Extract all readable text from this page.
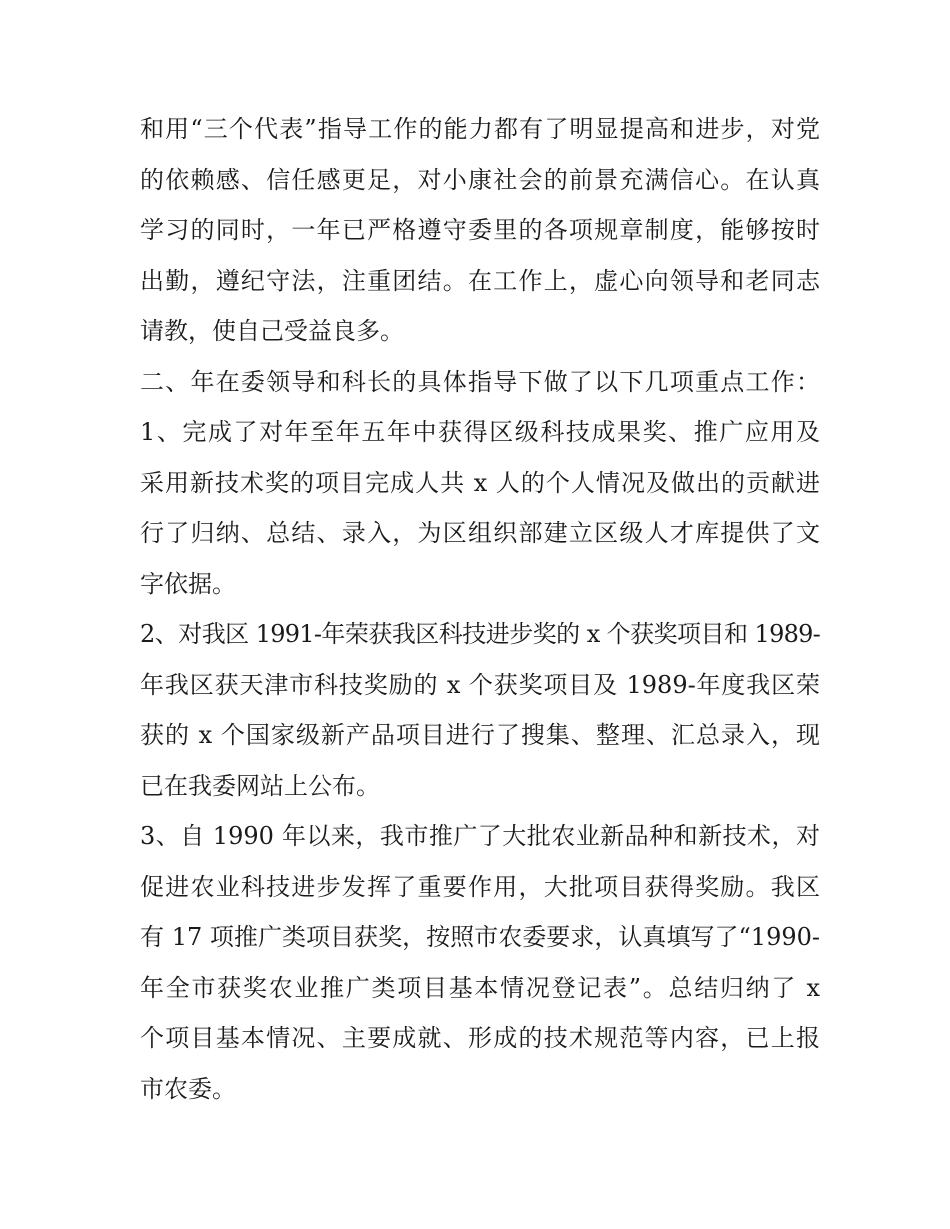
和用“三个代表”指导工作的能力都有了明显提高和进步，对党
的依赖感、信任感更足，对小康社会的前景充满信心。在认真
学习的同时，一年已严格遵守委里的各项规章制度，能够按时
出勤，遵纪守法，注重团结。在工作上，虚心向领导和老同志
请教，使自己受益良多。
二、年在委领导和科长的具体指导下做了以下几项重点工作：
1、完成了对年至年五年中获得区级科技成果奖、推广应用及
采用新技术奖的项目完成人共 x 人的个人情况及做出的贡献进
行了归纳、总结、录入，为区组织部建立区级人才库提供了文
字依据。
2、对我区 1991-年荣获我区科技进步奖的 x 个获奖项目和 1989-
年我区获天津市科技奖励的 x 个获奖项目及 1989-年度我区荣
获的 x 个国家级新产品项目进行了搜集、整理、汇总录入，现
已在我委网站上公布。
3、自 1990 年以来，我市推广了大批农业新品种和新技术，对
促进农业科技进步发挥了重要作用，大批项目获得奖励。我区
有 17 项推广类项目获奖，按照市农委要求，认真填写了“1990-
年全市获奖农业推广类项目基本情况登记表”。总结归纳了 x
个项目基本情况、主要成就、形成的技术规范等内容，已上报
市农委。
